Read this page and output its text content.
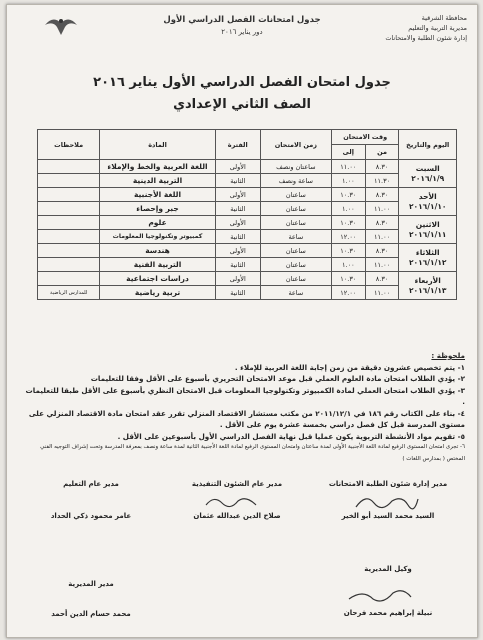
محافظة الشرقية
مديرية التربية والتعليم
إدارة شئون الطلبة والامتحانات
جدول امتحانات الفصل الدراسي الأول
دور يناير ٢٠١٦
جدول امتحان الفصل الدراسي الأول يناير ٢٠١٦
الصف الثاني الإعدادي
اليوم والتاريخ	وقت الامتحان		زمن الامتحان	الفترة	المادة	ملاحظات
	من	إلى				

السبت
٢٠١٦/١/٩	٨.٣٠	١١.٠٠	ساعتان ونصف	الأولى	اللغة العربية والخط والإملاء	
	١١.٣٠	١.٠٠	ساعة ونصف	الثانية	التربية الدينية	

الأحد
٢٠١٦/١/١٠	٨.٣٠	١٠.٣٠	ساعتان	الأولى	اللغة الأجنبية	
	١١.٠٠	١.٠٠	ساعتان	الثانية	جبر وإحصاء	

الاثنين
٢٠١٦/١/١١	٨.٣٠	١٠.٣٠	ساعتان	الأولى	علوم	
	١١.٠٠	١٢.٠٠	ساعة	الثانية	كمبيوتر وتكنولوجيا المعلومات	

الثلاثاء
٢٠١٦/١/١٢	٨.٣٠	١٠.٣٠	ساعتان	الأولى	هندسة	
	١١.٠٠	١.٠٠	ساعتان	الثانية	التربية الفنية	

الأربعاء
٢٠١٦/١/١٣	٨.٣٠	١٠.٣٠	ساعتان	الأولى	دراسات اجتماعية	
	١١.٠٠	١٢.٠٠	ساعة	الثانية	تربية رياضية	للمدارس الرياضية
ملحوظة :
١- يتم تخصيص عشرون دقيقة من زمن إجابة اللغة العربية للإملاء .
٢- يؤدي الطلاب امتحان مادة العلوم العملي قبل موعد الامتحان التحريري بأسبوع على الأقل وفقا للتعليمات
٣- يؤدي الطلاب امتحان العملي لمادة الكمبيوتر وتكنولوجيا المعلومات قبل الامتحان النظري بأسبوع على الأقل طبقا للتعليمات .
٤- بناء على الكتاب رقم ١٨٦ في ٢٠١١/١٢/١ من مكتب مستشار الاقتصاد المنزلي تقرر عقد امتحان مادة الاقتصاد المنزلي على مستوى المدرسة قبل كل فصل دراسي بخمسة عشرة يوم على الأقل .
٥- تقويم مواد الأنشطة التربوية يكون عمليا قبل نهاية الفصل الدراسي الأول بأسبوعين على الأقل .
٦- تجرى امتحان المستوى الرفيع لمادة اللغة الأجنبية الأولى لمدة ساعتان وامتحان المستوى الرفيع لمادة اللغة الأجنبية الثانية لمدة ساعة ونصف بمعرفة المدرسة وتحت إشراف التوجيه الفني المختص ( بمدارس اللغات )
مدير إدارة شئون الطلبة الامتحانات
السيد محمد السيد أبو الخير
مدير عام الشئون التنفيذية
صلاح الدين عبدالله عثمان
مدير عام التعليم
عامر محمود ذكي الحداد
وكيل المديرية
نبيلة إبراهيم محمد فرحان
مدير المديرية
محمد حسام الدين أحمد
